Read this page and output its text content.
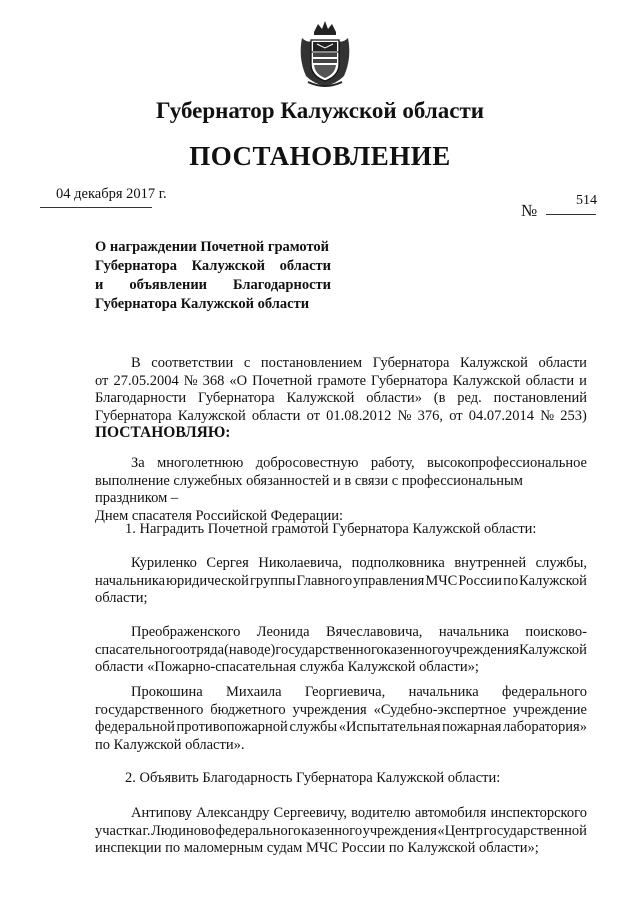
Губернатор Калужской области
ПОСТАНОВЛЕНИЕ
04 декабря 2017 г.
№
514
О награждении Почетной грамотой
Губернатора Калужской области
и объявлении Благодарности
Губернатора Калужской области
В соответствии с постановлением Губернатора Калужской области
от 27.05.2004 № 368 «О Почетной грамоте Губернатора Калужской области и
Благодарности Губернатора Калужской области» (в ред. постановлений
Губернатора Калужской области от 01.08.2012 № 376, от 04.07.2014 № 253)
ПОСТАНОВЛЯЮ:
За многолетнюю добросовестную работу, высокопрофессиональное
выполнение служебных обязанностей и в связи с профессиональным праздником –
Днем спасателя Российской Федерации:
1. Наградить Почетной грамотой Губернатора Калужской области:
Куриленко Сергея Николаевича, подполковника внутренней службы,
начальника юридической группы Главного управления МЧС России по Калужской
области;
Преображенского Леонида Вячеславовича, начальника поисково-
спасательного отряда (на воде) государственного казенного учреждения Калужской
области «Пожарно-спасательная служба Калужской области»;
Прокошина Михаила Георгиевича, начальника федерального
государственного бюджетного учреждения «Судебно-экспертное учреждение
федеральной противопожарной службы «Испытательная пожарная лаборатория»
по Калужской области».
2. Объявить Благодарность Губернатора Калужской области:
Антипову Александру Сергеевичу, водителю автомобиля инспекторского
участка г. Людиново федерального казенного учреждения «Центр государственной
инспекции по маломерным судам МЧС России по Калужской области»;
